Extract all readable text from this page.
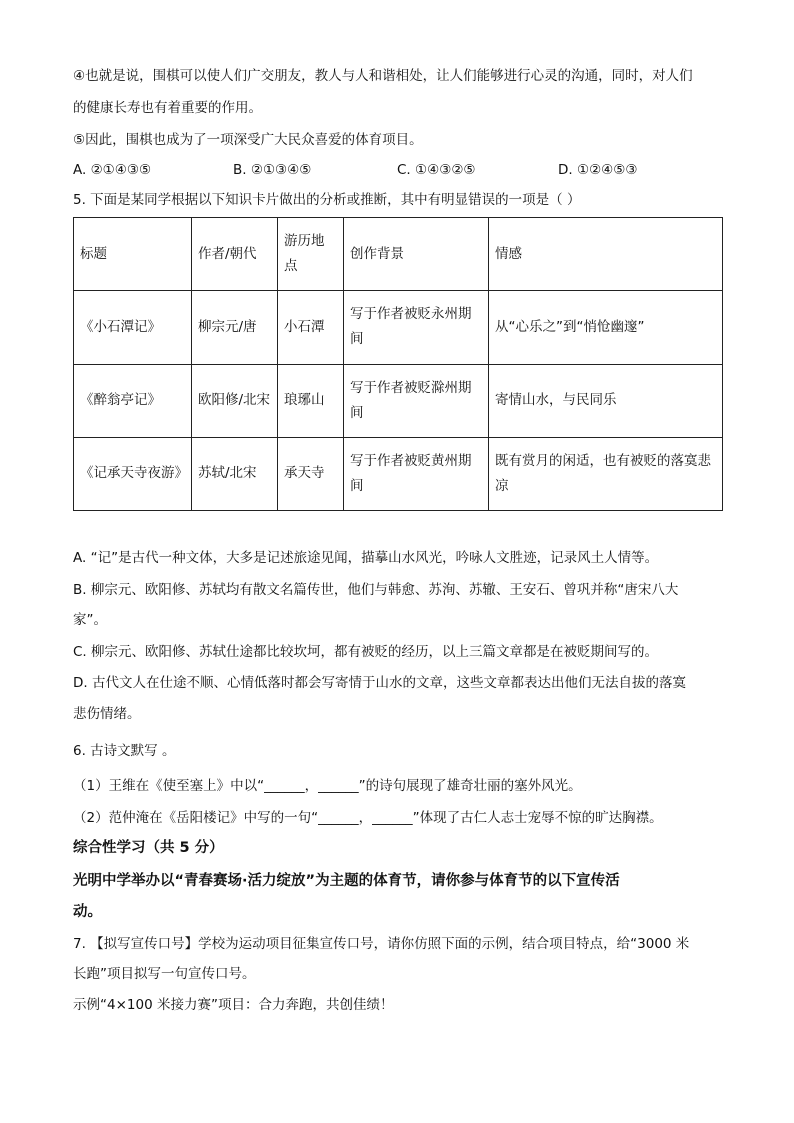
④也就是说，围棋可以使人们广交朋友，教人与人和谐相处，让人们能够进行心灵的沟通，同时，对人们
的健康长寿也有着重要的作用。
⑤因此，围棋也成为了一项深受广大民众喜爱的体育项目。
A. ②①④③⑤	B. ②①③④⑤	C. ①④③②⑤	D. ①②④⑤③
5. 下面是某同学根据以下知识卡片做出的分析或推断，其中有明显错误的一项是（ ）
标题	作者/朝代	游历地点	创作背景	情感
《小石潭记》	柳宗元/唐	小石潭	写于作者被贬永州期间	从“心乐之”到“悄怆幽邃”
《醉翁亭记》	欧阳修/北宋	琅琊山	写于作者被贬滁州期间	寄情山水，与民同乐
《记承天寺夜游》	苏轼/北宋	承天寺	写于作者被贬黄州期间	既有赏月的闲适，也有被贬的落寞悲凉
A. “记”是古代一种文体，大多是记述旅途见闻，描摹山水风光，吟咏人文胜迹，记录风土人情等。
B. 柳宗元、欧阳修、苏轼均有散文名篇传世，他们与韩愈、苏洵、苏辙、王安石、曾巩并称“唐宋八大
家”。
C. 柳宗元、欧阳修、苏轼仕途都比较坎坷，都有被贬的经历，以上三篇文章都是在被贬期间写的。
D. 古代文人在仕途不顺、心情低落时都会写寄情于山水的文章，这些文章都表达出他们无法自拔的落寞
悲伤情绪。
6. 古诗文默写 。
（1）王维在《使至塞上》中以“______，______”的诗句展现了雄奇壮丽的塞外风光。
（2）范仲淹在《岳阳楼记》中写的一句“______，______”体现了古仁人志士宠辱不惊的旷达胸襟。
综合性学习（共 5 分）
光明中学举办以“青春赛场·活力绽放”为主题的体育节，请你参与体育节的以下宣传活
动。
7. 【拟写宣传口号】学校为运动项目征集宣传口号，请你仿照下面的示例，结合项目特点，给“3000 米
长跑”项目拟写一句宣传口号。
示例“4×100 米接力赛”项目：合力奔跑，共创佳绩！
